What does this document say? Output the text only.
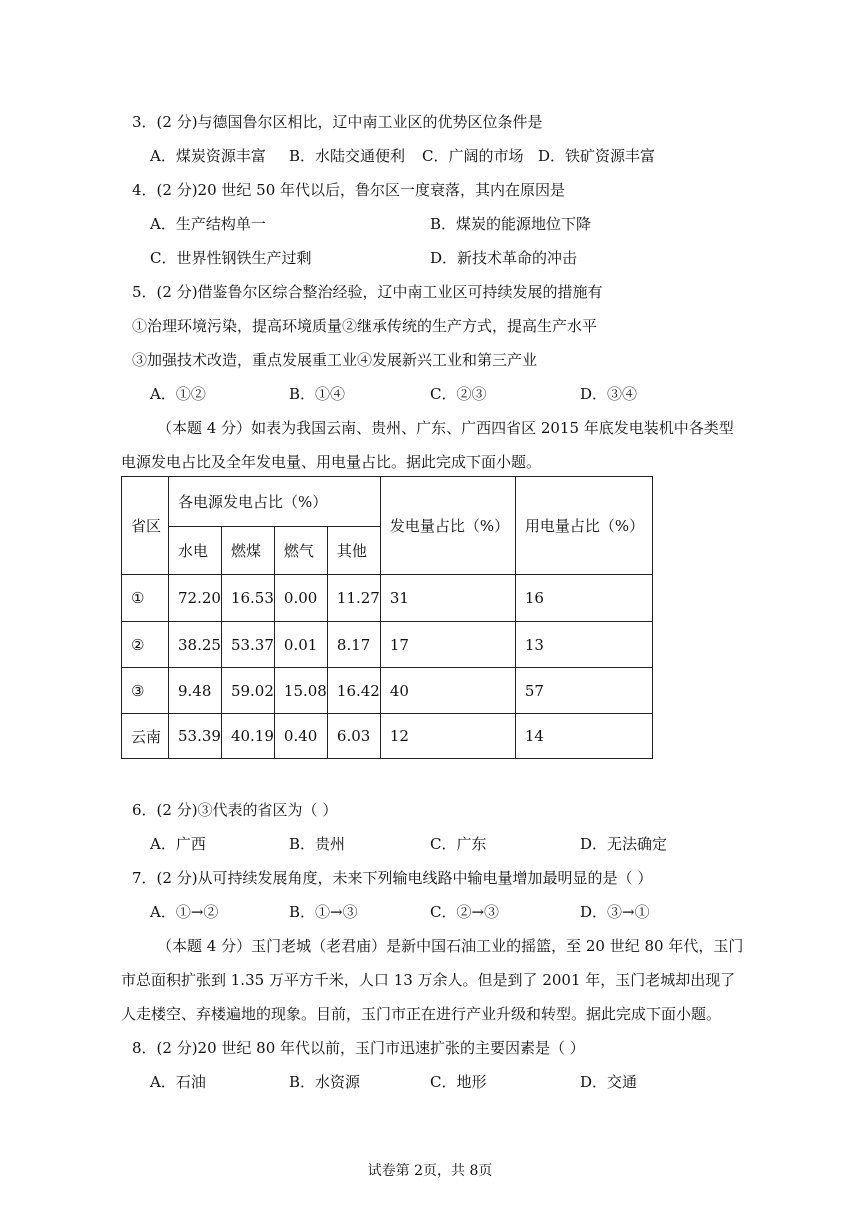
3．(2 分)与德国鲁尔区相比，辽中南工业区的优势区位条件是
A．煤炭资源丰富 B．水陆交通便利 C．广阔的市场 D．铁矿资源丰富
4．(2 分)20 世纪 50 年代以后，鲁尔区一度衰落，其内在原因是
A．生产结构单一	B．煤炭的能源地位下降
C．世界性钢铁生产过剩	D．新技术革命的冲击
5．(2 分)借鉴鲁尔区综合整治经验，辽中南工业区可持续发展的措施有
①治理环境污染，提高环境质量②继承传统的生产方式，提高生产水平
③加强技术改造，重点发展重工业④发展新兴工业和第三产业
A．①②	B．①④	C．②③	D．③④
（本题 4 分）如表为我国云南、贵州、广东、广西四省区 2015 年底发电装机中各类型
电源发电占比及全年发电量、用电量占比。据此完成下面小题。
省区	各电源发电占比（%）				发电量占比（%）	用电量占比（%）
	水电	燃煤	燃气	其他		
①	72.20	16.53	0.00	11.27	31	16
②	38.25	53.37	0.01	8.17	17	13
③	9.48	59.02	15.08	16.42	40	57
云南	53.39	40.19	0.40	6.03	12	14
6．(2 分)③代表的省区为（ ）
A．广西	B．贵州	C．广东	D．无法确定
7．(2 分)从可持续发展角度，未来下列输电线路中输电量增加最明显的是（ ）
A．①→②	B．①→③	C．②→③	D．③→①
（本题 4 分）玉门老城（老君庙）是新中国石油工业的摇篮，至 20 世纪 80 年代，玉门
市总面积扩张到 1.35 万平方千米，人口 13 万余人。但是到了 2001 年，玉门老城却出现了
人走楼空、弃楼遍地的现象。目前，玉门市正在进行产业升级和转型。据此完成下面小题。
8．(2 分)20 世纪 80 年代以前，玉门市迅速扩张的主要因素是（ ）
A．石油	B．水资源	C．地形	D．交通
试卷第 2页，共 8页
